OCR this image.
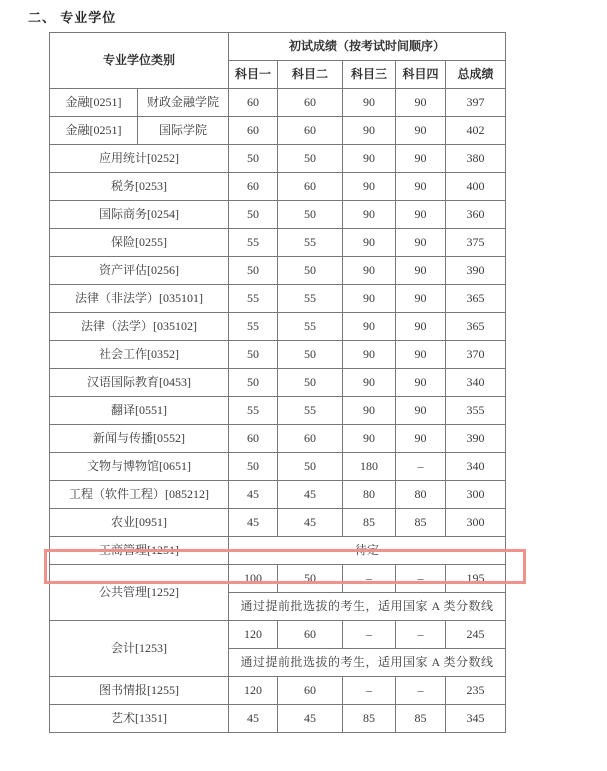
二、 专业学位
专业学位类别		初试成绩（按考试时间顺序）				
		科目一	科目二	科目三	科目四	总成绩
金融[0251]	财政金融学院	60	60	90	90	397
金融[0251]	国际学院	60	60	90	90	402
应用统计[0252]		50	50	90	90	380
税务[0253]		60	60	90	90	400
国际商务[0254]		50	50	90	90	360
保险[0255]		55	55	90	90	375
资产评估[0256]		50	50	90	90	390
法律（非法学）[035101]		55	55	90	90	365
法律（法学）[035102]		55	55	90	90	365
社会工作[0352]		50	50	90	90	370
汉语国际教育[0453]		50	50	90	90	340
翻译[0551]		55	55	90	90	355
新闻与传播[0552]		60	60	90	90	390
文物与博物馆[0651]		50	50	180	–	340
工程（软件工程）[085212]		45	45	80	80	300
农业[0951]		45	45	85	85	300
工商管理[1251]		待定				
公共管理[1252]		100	50	–	–	195
		通过提前批选拔的考生，适用国家 A 类分数线				
会计[1253]		120	60	–	–	245
		通过提前批选拔的考生，适用国家 A 类分数线				
图书情报[1255]		120	60	–	–	235
艺术[1351]		45	45	85	85	345
